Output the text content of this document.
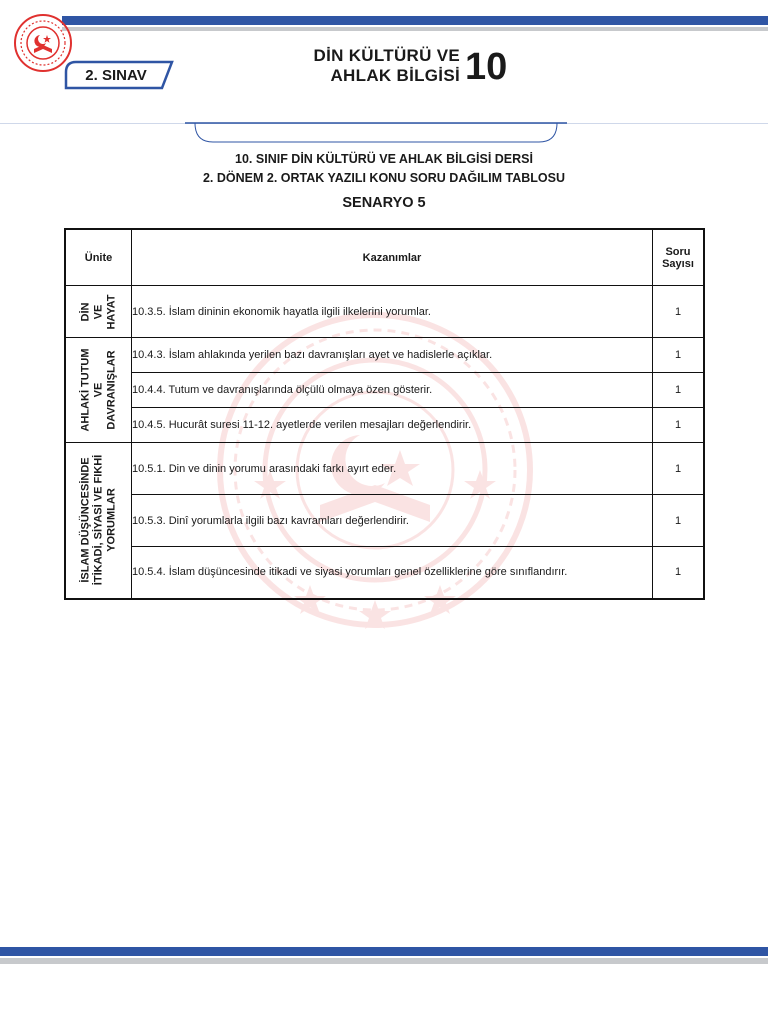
2. SINAV
DİN KÜLTÜRÜ VE
AHLAK BİLGİSİ 10
10. SINIF DİN KÜLTÜRÜ VE AHLAK BİLGİSİ DERSİ
2. DÖNEM 2. ORTAK YAZILI KONU SORU DAĞILIM TABLOSU
SENARYO 5
Ünite	Kazanımlar	Soru
Sayısı

DİN VE HAYAT	10.3.5. İslam dininin ekonomik hayatla ilgili ilkelerini yorumlar.	1

AHLAKİ TUTUM VE DAVRANIŞLAR	10.4.3. İslam ahlakında yerilen bazı davranışları ayet ve hadislerle açıklar.	1
	10.4.4. Tutum ve davranışlarında ölçülü olmaya özen gösterir.	1
	10.4.5. Hucurât suresi 11-12. ayetlerde verilen mesajları değerlendirir.	1

İSLAM DÜŞÜNCESİNDE İTİKADİ, SİYASİ VE FIKHİ YORUMLAR	10.5.1. Din ve dinin yorumu arasındaki farkı ayırt eder.	1
	10.5.3. Dinî yorumlarla ilgili bazı kavramları değerlendirir.	1
	10.5.4. İslam düşüncesinde itikadi ve siyasi yorumları genel özelliklerine göre sınıflandırır.	1
